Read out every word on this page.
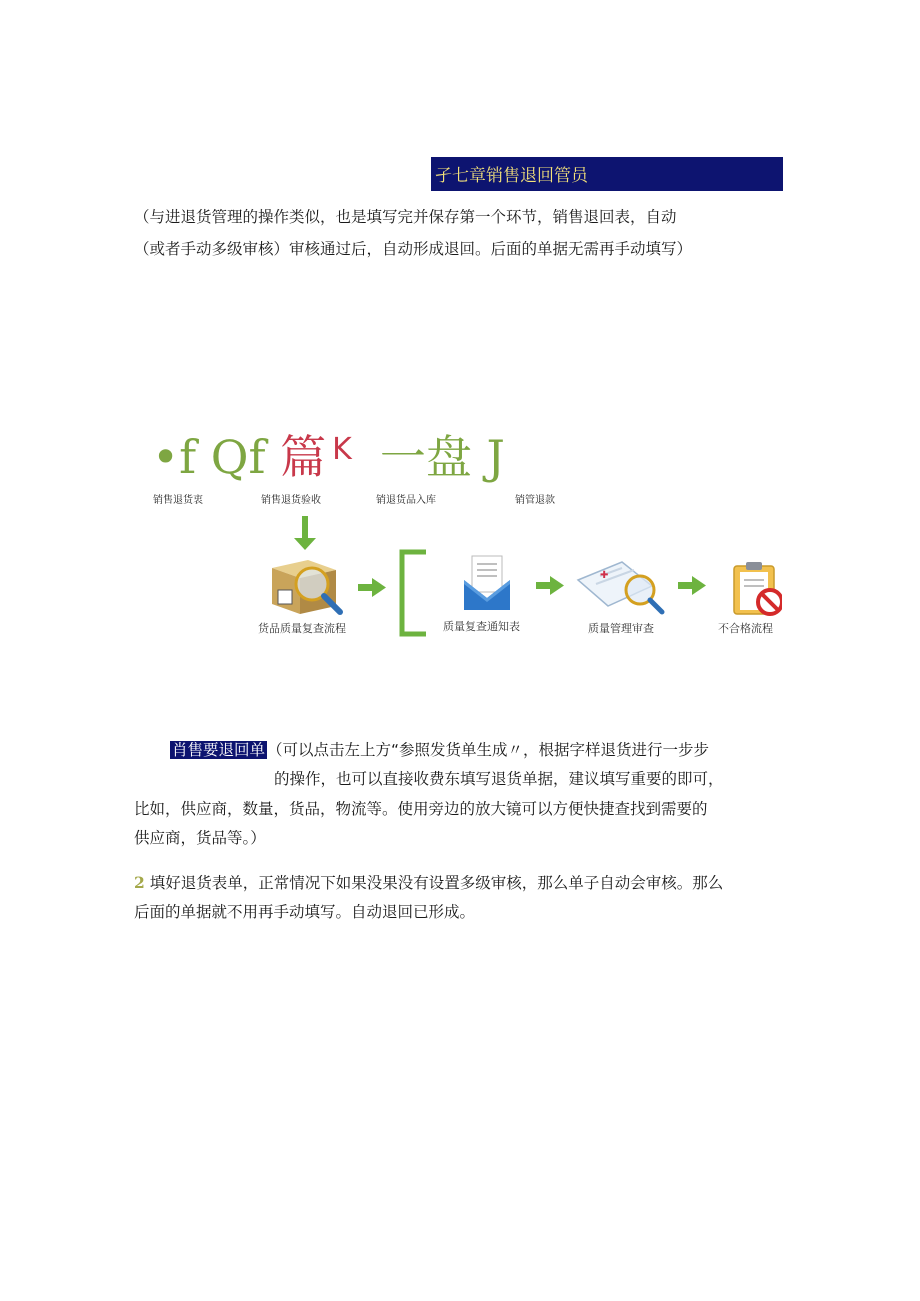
孑七章销售退回管员
（与进退货管理的操作类似，也是填写完并保存第一个环节，销售退回表，自动
（或者手动多级审核）审核通过后，自动形成退回。后面的单据无需再手动填写）
•f Qf 篇 $^K$ 一盘 J
销售退货衷	销售退货验收	销退货品入库	销管退款
✚
货品质量复查流程	质量复查通知表	质量管理审查	不合格流程
肖售要退回单 （可以点击左上方“参照发货单生成〃，根据字样退货进行一步步
的操作，也可以直接收费东填写退货单据，建议填写重要的即可，
比如，供应商，数量，货品，物流等。使用旁边的放大镜可以方便快捷查找到需要的
供应商，货品等。）
2 填好退货表单，正常情况下如果没果没有设置多级审核，那么单子自动会审核。那么
后面的单据就不用再手动填写。自动退回已形成。
